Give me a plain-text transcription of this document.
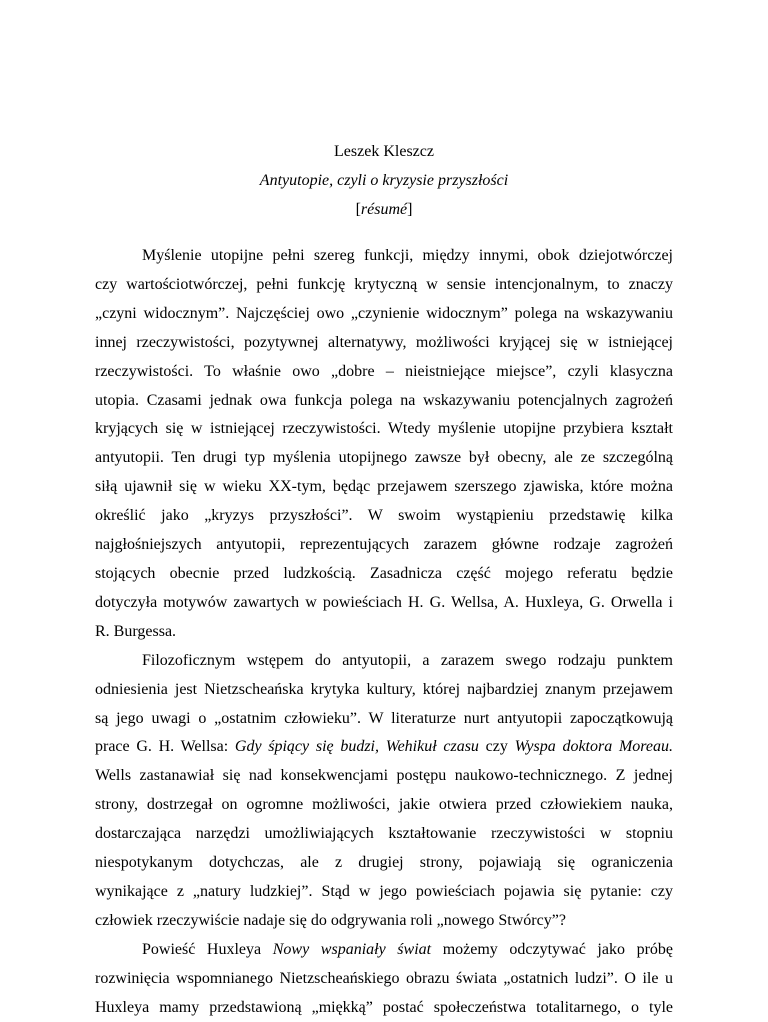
Leszek Kleszcz
Antyutopie, czyli o kryzysie przyszłości
[résumé]
Myślenie utopijne pełni szereg funkcji, między innymi, obok dziejotwórczej
czy wartościotwórczej, pełni funkcję krytyczną w sensie intencjonalnym, to znaczy
„czyni widocznym”. Najczęściej owo „czynienie widocznym” polega na wskazywaniu
innej rzeczywistości, pozytywnej alternatywy, możliwości kryjącej się w istniejącej
rzeczywistości. To właśnie owo „dobre – nieistniejące miejsce”, czyli klasyczna
utopia. Czasami jednak owa funkcja polega na wskazywaniu potencjalnych zagrożeń
kryjących się w istniejącej rzeczywistości. Wtedy myślenie utopijne przybiera kształt
antyutopii. Ten drugi typ myślenia utopijnego zawsze był obecny, ale ze szczególną
siłą ujawnił się w wieku XX-tym, będąc przejawem szerszego zjawiska, które można
określić jako „kryzys przyszłości”. W swoim wystąpieniu przedstawię kilka
najgłośniejszych antyutopii, reprezentujących zarazem główne rodzaje zagrożeń
stojących obecnie przed ludzkością. Zasadnicza część mojego referatu będzie
dotyczyła motywów zawartych w powieściach H. G. Wellsa, A. Huxleya, G. Orwella i
R. Burgessa.
Filozoficznym wstępem do antyutopii, a zarazem swego rodzaju punktem
odniesienia jest Nietzscheańska krytyka kultury, której najbardziej znanym przejawem
są jego uwagi o „ostatnim człowieku”. W literaturze nurt antyutopii zapoczątkowują
prace G. H. Wellsa: Gdy śpiący się budzi, Wehikuł czasu czy Wyspa doktora Moreau.
Wells zastanawiał się nad konsekwencjami postępu naukowo-technicznego. Z jednej
strony, dostrzegał on ogromne możliwości, jakie otwiera przed człowiekiem nauka,
dostarczająca narzędzi umożliwiających kształtowanie rzeczywistości w stopniu
niespotykanym dotychczas, ale z drugiej strony, pojawiają się ograniczenia
wynikające z „natury ludzkiej”. Stąd w jego powieściach pojawia się pytanie: czy
człowiek rzeczywiście nadaje się do odgrywania roli „nowego Stwórcy”?
Powieść Huxleya Nowy wspaniały świat możemy odczytywać jako próbę
rozwinięcia wspomnianego Nietzscheańskiego obrazu świata „ostatnich ludzi”. O ile u
Huxleya mamy przedstawioną „miękką” postać społeczeństwa totalitarnego, o tyle
